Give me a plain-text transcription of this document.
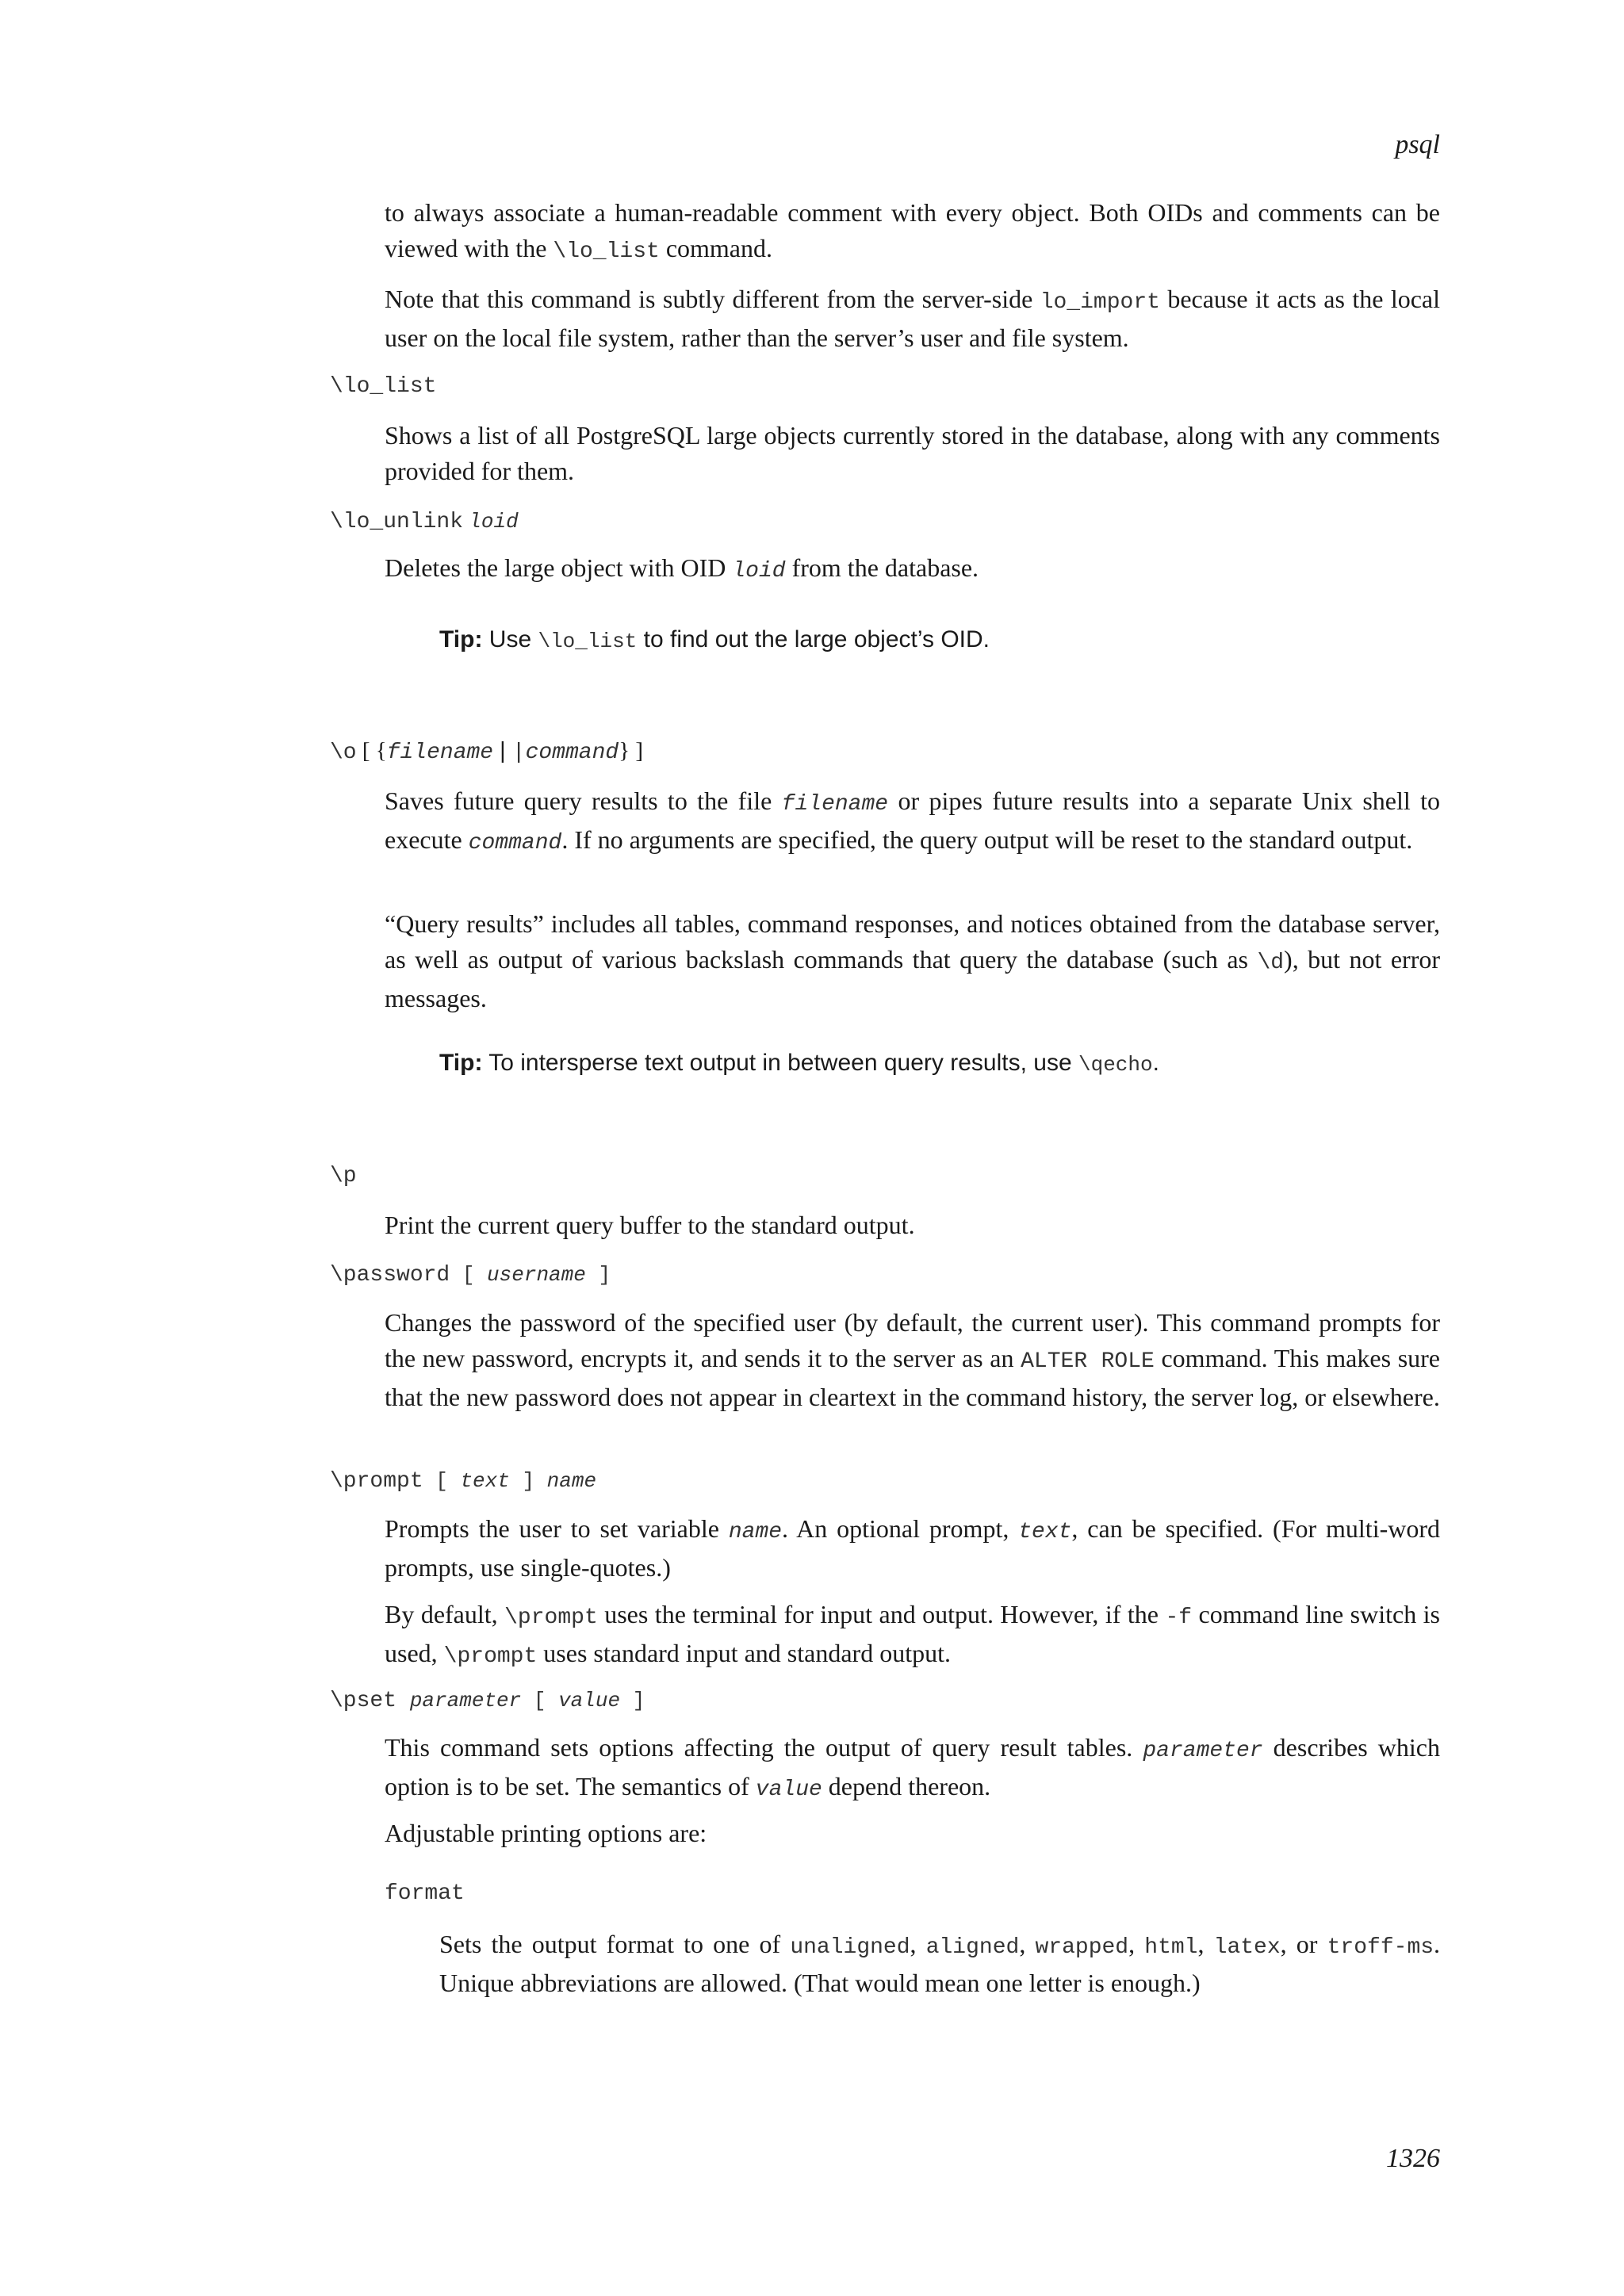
psql
to always associate a human-readable comment with every object. Both OIDs and comments can be viewed with the \lo_list command.
Note that this command is subtly different from the server-side lo_import because it acts as the local user on the local file system, rather than the server’s user and file system.
\lo_list
Shows a list of all PostgreSQL large objects currently stored in the database, along with any comments provided for them.
\lo_unlink loid
Deletes the large object with OID loid from the database.
Tip: Use \lo_list to find out the large object’s OID.
\o [ {filename | |command} ]
Saves future query results to the file filename or pipes future results into a separate Unix shell to execute command. If no arguments are specified, the query output will be reset to the standard output.
“Query results” includes all tables, command responses, and notices obtained from the database server, as well as output of various backslash commands that query the database (such as \d), but not error messages.
Tip: To intersperse text output in between query results, use \qecho.
\p
Print the current query buffer to the standard output.
\password [ username ]
Changes the password of the specified user (by default, the current user). This command prompts for the new password, encrypts it, and sends it to the server as an ALTER ROLE command. This makes sure that the new password does not appear in cleartext in the command history, the server log, or elsewhere.
\prompt [ text ] name
Prompts the user to set variable name. An optional prompt, text, can be specified. (For multi-word prompts, use single-quotes.)
By default, \prompt uses the terminal for input and output. However, if the -f command line switch is used, \prompt uses standard input and standard output.
\pset parameter [ value ]
This command sets options affecting the output of query result tables. parameter describes which option is to be set. The semantics of value depend thereon.
Adjustable printing options are:
format
Sets the output format to one of unaligned, aligned, wrapped, html, latex, or troff-ms. Unique abbreviations are allowed. (That would mean one letter is enough.)
1326
